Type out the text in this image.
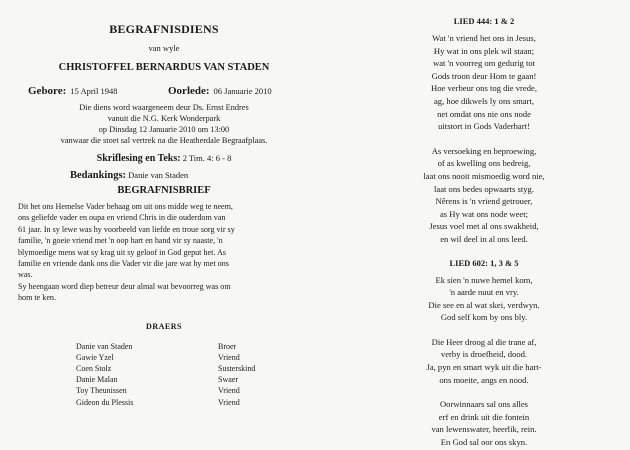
BEGRAFNISDIENS
van wyle
CHRISTOFFEL BERNARDUS VAN STADEN
Gebore: 15 April 1948	Oorlede: 06 Januarie 2010
Die diens word waargeneem deur Ds. Ernst Endres
vanuit die N.G. Kerk Wonderpark
op Dinsdag 12 Januarie 2010 om 13:00
vanwaar die stoet sal vertrek na die Heatherdale Begraafplaas.
Skriflesing en Teks: 2 Tim. 4: 6 - 8
Bedankings: Danie van Staden
BEGRAFNISBRIEF
Dit het ons Hemelse Vader behaag om uit ons midde weg te neem,
ons geliefde vader en oupa en vriend Chris in die ouderdom van
61 jaar. In sy lewe was hy voorbeeld van liefde en troue sorg vir sy
familie, 'n goeie vriend met 'n oop hart en hand vir sy naaste, 'n
blymoedige mens wat sy krag uit sy geloof in God geput het. As
familie en vriende dank ons die Vader vir die jare wat hy met ons
was.
Sy heengaan word diep betreur deur almal wat bevoorreg was om
hom te ken.
DRAERS
Danie van Staden	Broer
Gawie Yzel	Vriend
Coen Stolz	Susterskind
Danie Malan	Swaer
Toy Theunissen	Vriend
Gideon du Plessis	Vriend
LIED 444: 1 & 2
Wat 'n vriend het ons in Jesus,
Hy wat in ons plek wil staan;
wat 'n voorreg om gedurig tot
Gods troon deur Hom te gaan!
Hoe verbeur ons tog die vrede,
ag, hoe dikwels ly ons smart,
net omdat ons nie ons node
uitstort in Gods Vaderhart!
As versoeking en beproewing,
of as kwelling ons bedreig,
laat ons nooit mismoedig word nie,
laat ons bedes opwaarts styg.
Nêrens is 'n vriend getrouer,
as Hy wat ons node weet;
Jesus voel met al ons swakheid,
en wil deel in al ons leed.
LIED 602: 1, 3 & 5
Ek sien 'n nuwe hemel kom,
'n aarde nuut en vry.
Die see en al wat skei, verdwyn.
God self kom by ons bly.
Die Heer droog al die trane af,
verby is droefheid, dood.
Ja, pyn en smart wyk uit die hart-
ons moeite, angs en nood.
Oorwinnaars sal ons alles
erf en drink uit die fontein
van lewenswater, heerlik, rein.
En God sal oor ons skyn.
